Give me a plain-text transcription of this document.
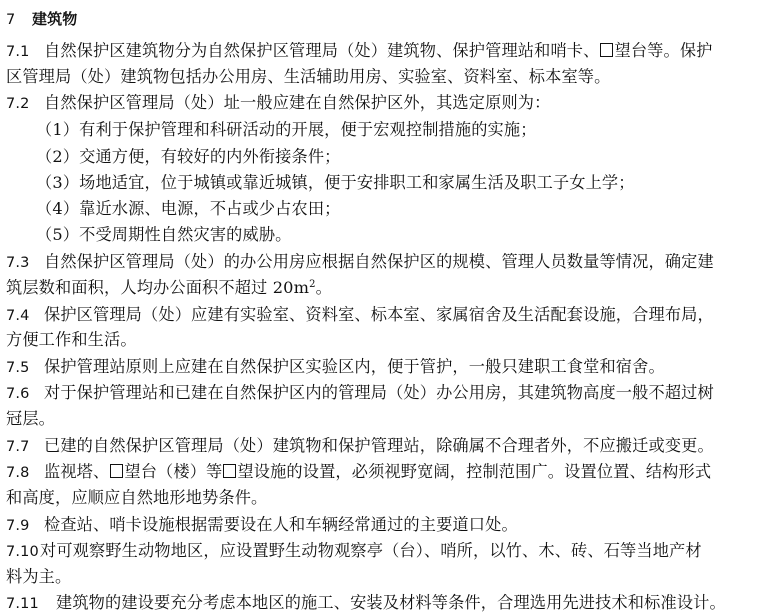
7 建筑物
7.1 自然保护区建筑物分为自然保护区管理局（处）建筑物、保护管理站和哨卡、 望台等。保护
区管理局（处）建筑物包括办公用房、生活辅助用房、实验室、资料室、标本室等。
7.2 自然保护区管理局（处）址一般应建在自然保护区外，其选定原则为：
（1）有利于保护管理和科研活动的开展，便于宏观控制措施的实施；
（2）交通方便，有较好的内外衔接条件；
（3）场地适宜，位于城镇或靠近城镇，便于安排职工和家属生活及职工子女上学；
（4）靠近水源、电源，不占或少占农田；
（5）不受周期性自然灾害的威胁。
7.3 自然保护区管理局（处）的办公用房应根据自然保护区的规模、管理人员数量等情况，确定建
筑层数和面积，人均办公面积不超过 $20m^2$。
7.4 保护区管理局（处）应建有实验室、资料室、标本室、家属宿舍及生活配套设施，合理布局，
方便工作和生活。
7.5 保护管理站原则上应建在自然保护区实验区内，便于管护，一般只建职工食堂和宿舍。
7.6 对于保护管理站和已建在自然保护区内的管理局（处）办公用房，其建筑物高度一般不超过树
冠层。
7.7 已建的自然保护区管理局（处）建筑物和保护管理站，除确属不合理者外，不应搬迁或变更。
7.8 监视塔、 望台（楼）等 望设施的设置，必须视野宽阔，控制范围广。设置位置、结构形式
和高度，应顺应自然地形地势条件。
7.9 检查站、哨卡设施根据需要设在人和车辆经常通过的主要道口处。
7.10对可观察野生动物地区，应设置野生动物观察亭（台）、哨所，以竹、木、砖、石等当地产材
料为主。
7.11 建筑物的建设要充分考虑本地区的施工、安装及材料等条件，合理选用先进技术和标准设计。
